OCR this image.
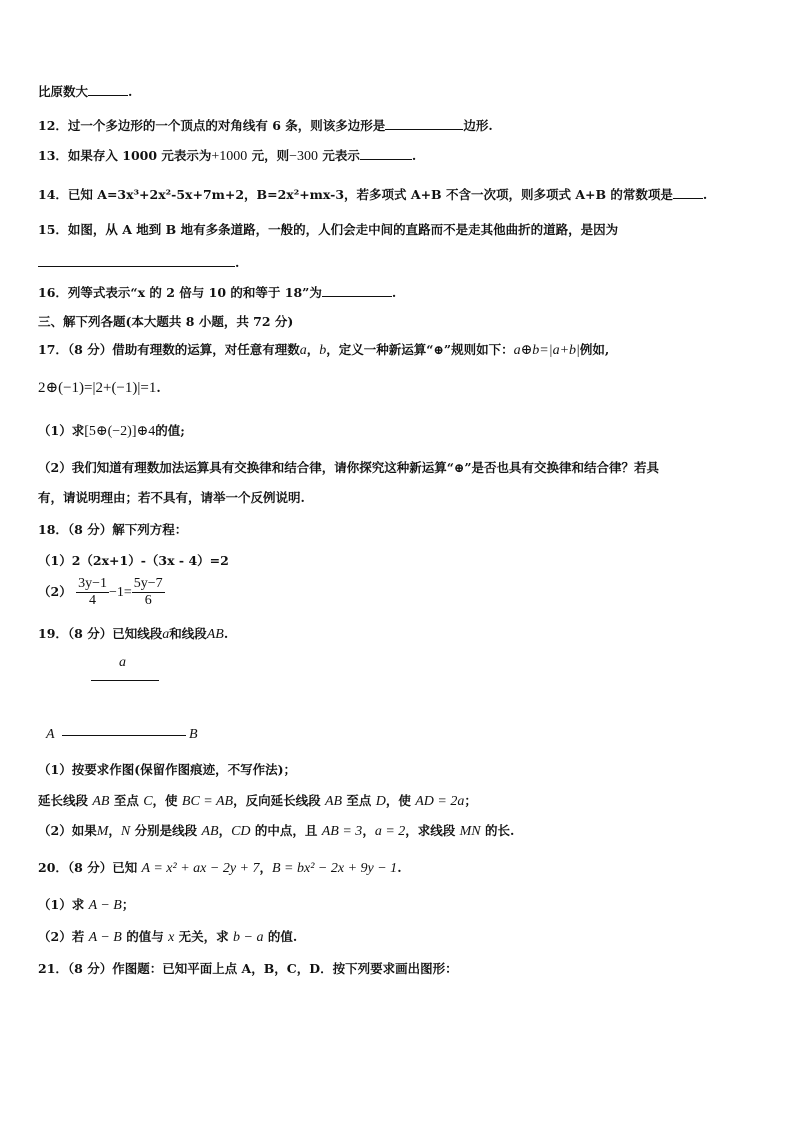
比原数大	.
12．过一个多边形的一个顶点的对角线有 6 条，则该多边形是	边形.
13．如果存入 1000 元表示为+1000 元，则−300 元表示	.
14．已知 A=3x³+2x²-5x+7m+2，B=2x²+mx-3，若多项式 A+B 不含一次项，则多项式 A+B 的常数项是 .
15．如图，从 A 地到 B 地有多条道路，一般的，人们会走中间的直路而不是走其他曲折的道路，是因为
.
16．列等式表示“x 的 2 倍与 10 的和等于 18”为	.
三、解下列各题(本大题共 8 小题，共 72 分)
17．（8 分）借助有理数的运算，对任意有理数a，b，定义一种新运算“⊕”规则如下：a⊕b=|a+b|例如,
2⊕(−1)=|2+(−1)|=1.
（1）求[5⊕(−2)]⊕4的值;
（2）我们知道有理数加法运算具有交换律和结合律，请你探究这种新运算“⊕”是否也具有交换律和结合律？若具
有，请说明理由；若不具有，请举一个反例说明.
18．（8 分）解下列方程：
（1）2（2x+1）-（3x - 4）=2
$(2) \frac{3y-1}{4} -1= \frac{5y-7}{6}$
19．（8 分）已知线段a和线段AB.
a
A	B
（1）按要求作图(保留作图痕迹，不写作法)；
延长线段 AB 至点 C，使 BC = AB，反向延长线段 AB 至点 D，使 AD = 2a；
（2）如果M，N 分别是线段 AB，CD 的中点，且 AB = 3，a = 2，求线段 MN 的长.
20．（8 分）已知 A = x² + ax − 2y + 7，B = bx² − 2x + 9y − 1.
（1）求 A − B；
（2）若 A − B 的值与 x 无关，求 b − a 的值.
21．（8 分）作图题：已知平面上点 A，B，C，D．按下列要求画出图形：
